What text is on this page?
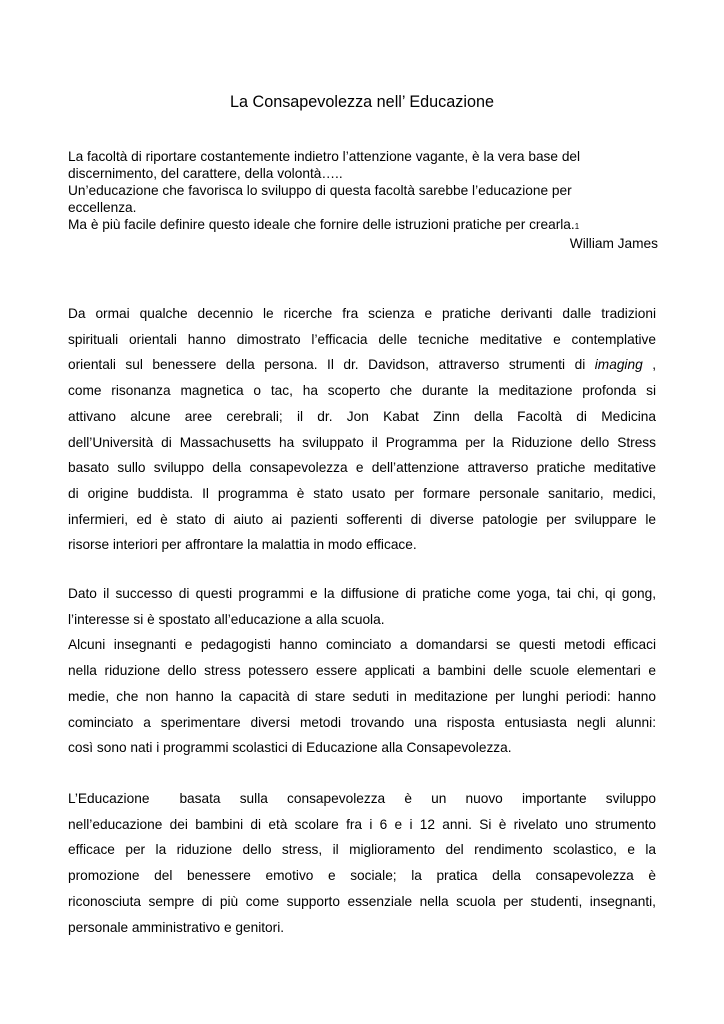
La Consapevolezza nell’ Educazione

La facoltà di riportare costantemente indietro l’attenzione vagante, è la vera base del

discernimento, del carattere, della volontà…..

Un’educazione che favorisca lo sviluppo di questa facoltà sarebbe l’educazione per

eccellenza.

Ma è più facile definire questo ideale che fornire delle istruzioni pratiche per crearla.1

William James

Da ormai qualche decennio le ricerche fra scienza e pratiche derivanti dalle tradizioni
spirituali orientali hanno dimostrato l’efficacia delle tecniche meditative e contemplative
orientali sul benessere della persona. Il dr. Davidson, attraverso strumenti di imaging ,
come risonanza magnetica o tac, ha scoperto che durante la meditazione profonda si
attivano alcune aree cerebrali; il dr. Jon Kabat Zinn della Facoltà di Medicina
dell’Università di Massachusetts ha sviluppato il Programma per la Riduzione dello Stress
basato sullo sviluppo della consapevolezza e dell’attenzione attraverso pratiche meditative
di origine buddista. Il programma è stato usato per formare personale sanitario, medici,
infermieri, ed è stato di aiuto ai pazienti sofferenti di diverse patologie per sviluppare le
risorse interiori per affrontare la malattia in modo efficace.
Dato il successo di questi programmi e la diffusione di pratiche come yoga, tai chi, qi gong,
l’interesse si è spostato all’educazione a alla scuola.
Alcuni insegnanti e pedagogisti hanno cominciato a domandarsi se questi metodi efficaci
nella riduzione dello stress potessero essere applicati a bambini delle scuole elementari e
medie, che non hanno la capacità di stare seduti in meditazione per lunghi periodi: hanno
cominciato a sperimentare diversi metodi trovando una risposta entusiasta negli alunni:
così sono nati i programmi scolastici di Educazione alla Consapevolezza.
L’Educazione basata sulla consapevolezza è un nuovo importante sviluppo
nell’educazione dei bambini di età scolare fra i 6 e i 12 anni. Si è rivelato uno strumento
efficace per la riduzione dello stress, il miglioramento del rendimento scolastico, e la
promozione del benessere emotivo e sociale; la pratica della consapevolezza è
riconosciuta sempre di più come supporto essenziale nella scuola per studenti, insegnanti,
personale amministrativo e genitori.
